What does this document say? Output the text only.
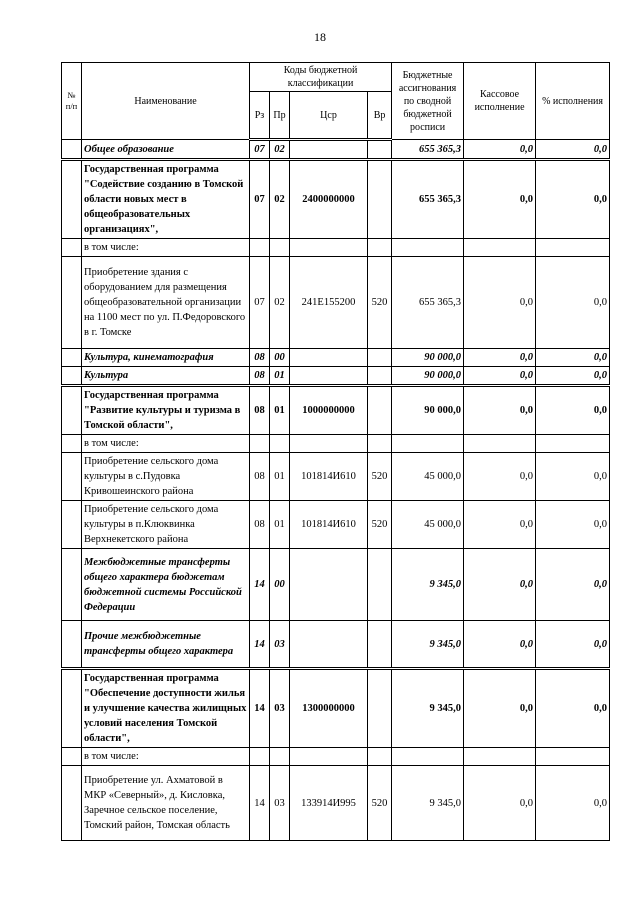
18
№ п/п	Наименование	Коды бюджетной классификации				Бюджетные ассигнования по сводной бюджетной росписи	Кассовое исполнение	% исполнения
		Рз	Пр	Цср	Вр			
	Общее образование	07	02			655 365,3	0,0	0,0
	Государственная программа "Содействие созданию в Томской области новых мест в общеобразовательных организациях",	07	02	2400000000		655 365,3	0,0	0,0
	в том числе:							
	Приобретение здания с оборудованием для размещения общеобразовательной организации на 1100 мест по ул. П.Федоровского в г. Томске	07	02	241E155200	520	655 365,3	0,0	0,0
	Культура, кинематография	08	00			90 000,0	0,0	0,0
	Культура	08	01			90 000,0	0,0	0,0
	Государственная программа "Развитие культуры и туризма в Томской области",	08	01	1000000000		90 000,0	0,0	0,0
	в том числе:							
	Приобретение сельского дома культуры в с.Пудовка Кривошеинского района	08	01	101814И610	520	45 000,0	0,0	0,0
	Приобретение сельского дома культуры в п.Клюквинка Верхнекетского района	08	01	101814И610	520	45 000,0	0,0	0,0
	Межбюджетные трансферты общего характера бюджетам бюджетной системы Российской Федерации	14	00			9 345,0	0,0	0,0
	Прочие межбюджетные трансферты общего характера	14	03			9 345,0	0,0	0,0
	Государственная программа "Обеспечение доступности жилья и улучшение качества жилищных условий населения Томской области",	14	03	1300000000		9 345,0	0,0	0,0
	в том числе:							
	Приобретение ул. Ахматовой в МКР «Северный», д. Кисловка, Заречное сельское поселение, Томский район, Томская область	14	03	133914И995	520	9 345,0	0,0	0,0
